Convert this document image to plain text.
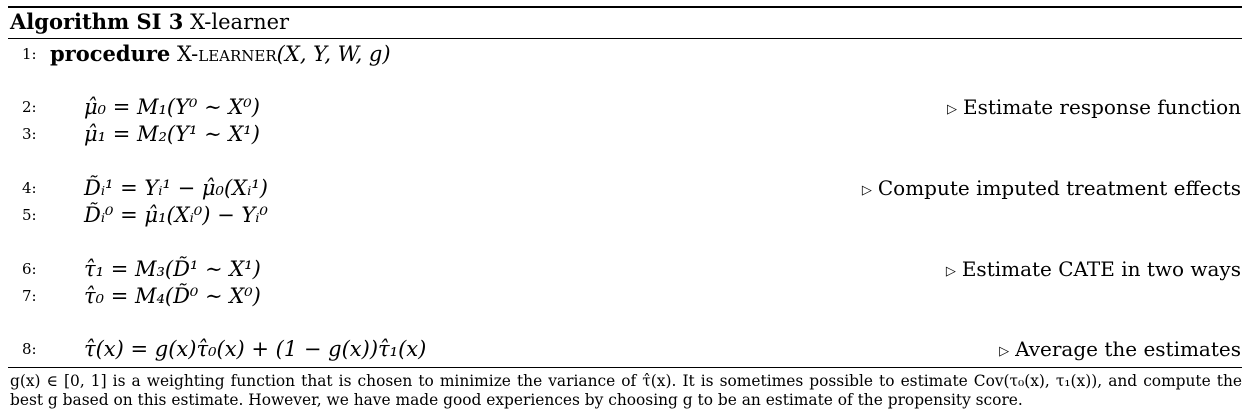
Algorithm SI 3 X-learner
1: procedure X-learner(X, Y, W, g)
2: μ̂₀ = M₁(Y⁰ ∼ X⁰)	▷ Estimate response function
3: μ̂₁ = M₂(Y¹ ∼ X¹)
4: D̃ᵢ¹ = Yᵢ¹ − μ̂₀(Xᵢ¹)	▷ Compute imputed treatment effects
5: D̃ᵢ⁰ = μ̂₁(Xᵢ⁰) − Yᵢ⁰
6: τ̂₁ = M₃(D̃¹ ∼ X¹)	▷ Estimate CATE in two ways
7: τ̂₀ = M₄(D̃⁰ ∼ X⁰)
8: τ̂(x) = g(x)τ̂₀(x) + (1 − g(x))τ̂₁(x)	▷ Average the estimates
g(x) ∈ [0, 1] is a weighting function that is chosen to minimize the variance of τ̂(x). It is sometimes possible to estimate Cov(τ₀(x), τ₁(x)), and compute the best g based on this estimate. However, we have made good experiences by choosing g to be an estimate of the propensity score.
